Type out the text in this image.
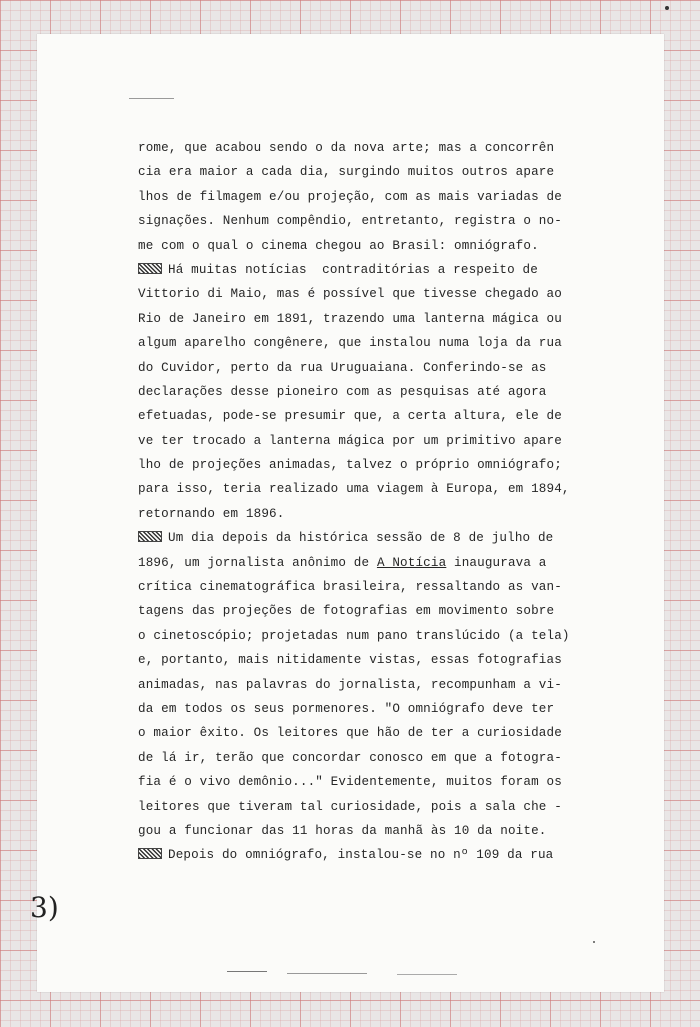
rome, que acabou sendo o da nova arte; mas a concorrên
cia era maior a cada dia, surgindo muitos outros apare
lhos de filmagem e/ou projeção, com as mais variadas de
signações. Nenhum compêndio, entretanto, registra o no-
me com o qual o cinema chegou ao Brasil: omniógrafo.
Há muitas notícias  contraditórias a respeito de
Vittorio di Maio, mas é possível que tivesse chegado ao
Rio de Janeiro em 1891, trazendo uma lanterna mágica ou
algum aparelho congênere, que instalou numa loja da rua
do Cuvidor, perto da rua Uruguaiana. Conferindo-se as
declarações desse pioneiro com as pesquisas até agora
efetuadas, pode-se presumir que, a certa altura, ele de
ve ter trocado a lanterna mágica por um primitivo apare
lho de projeções animadas, talvez o próprio omniógrafo;
para isso, teria realizado uma viagem à Europa, em 1894,
retornando em 1896.
Um dia depois da histórica sessão de 8 de julho de
1896, um jornalista anônimo de A Notícia inaugurava a
crítica cinematográfica brasileira, ressaltando as van-
tagens das projeções de fotografias em movimento sobre
o cinetoscópio; projetadas num pano translúcido (a tela)
e, portanto, mais nitidamente vistas, essas fotografias
animadas, nas palavras do jornalista, recompunham a vi-
da em todos os seus pormenores. "O omniógrafo deve ter
o maior êxito. Os leitores que hão de ter a curiosidade
de lá ir, terão que concordar conosco em que a fotogra-
fia é o vivo demônio..." Evidentemente, muitos foram os
leitores que tiveram tal curiosidade, pois a sala che -
gou a funcionar das 11 horas da manhã às 10 da noite.
Depois do omniógrafo, instalou-se no nº 109 da rua
3)
